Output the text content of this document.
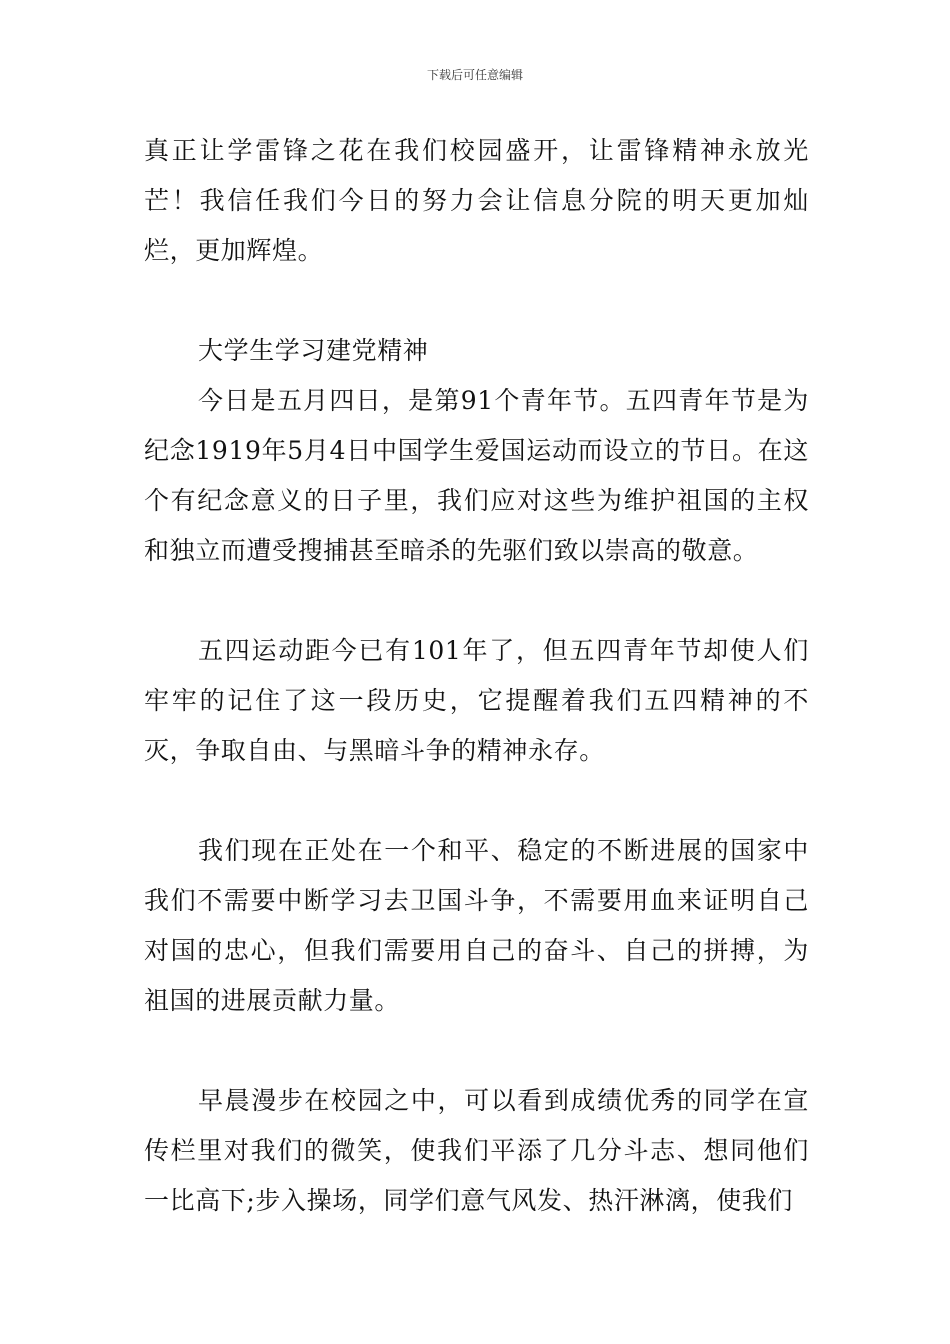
下载后可任意编辑

真正让学雷锋之花在我们校园盛开，让雷锋精神永放光芒！我信任我们今日的努力会让信息分院的明天更加灿烂，更加辉煌。

大学生学习建党精神

今日是五月四日，是第91个青年节。五四青年节是为纪念1919年5月4日中国学生爱国运动而设立的节日。在这个有纪念意义的日子里，我们应对这些为维护祖国的主权和独立而遭受搜捕甚至暗杀的先驱们致以崇高的敬意。

五四运动距今已有101年了，但五四青年节却使人们牢牢的记住了这一段历史，它提醒着我们五四精神的不灭，争取自由、与黑暗斗争的精神永存。

我们现在正处在一个和平、稳定的不断进展的国家中我们不需要中断学习去卫国斗争，不需要用血来证明自己对国的忠心，但我们需要用自己的奋斗、自己的拼搏，为祖国的进展贡献力量。

早晨漫步在校园之中，可以看到成绩优秀的同学在宣传栏里对我们的微笑，使我们平添了几分斗志、想同他们一比高下;步入操场，同学们意气风发、热汗淋漓，使我们
